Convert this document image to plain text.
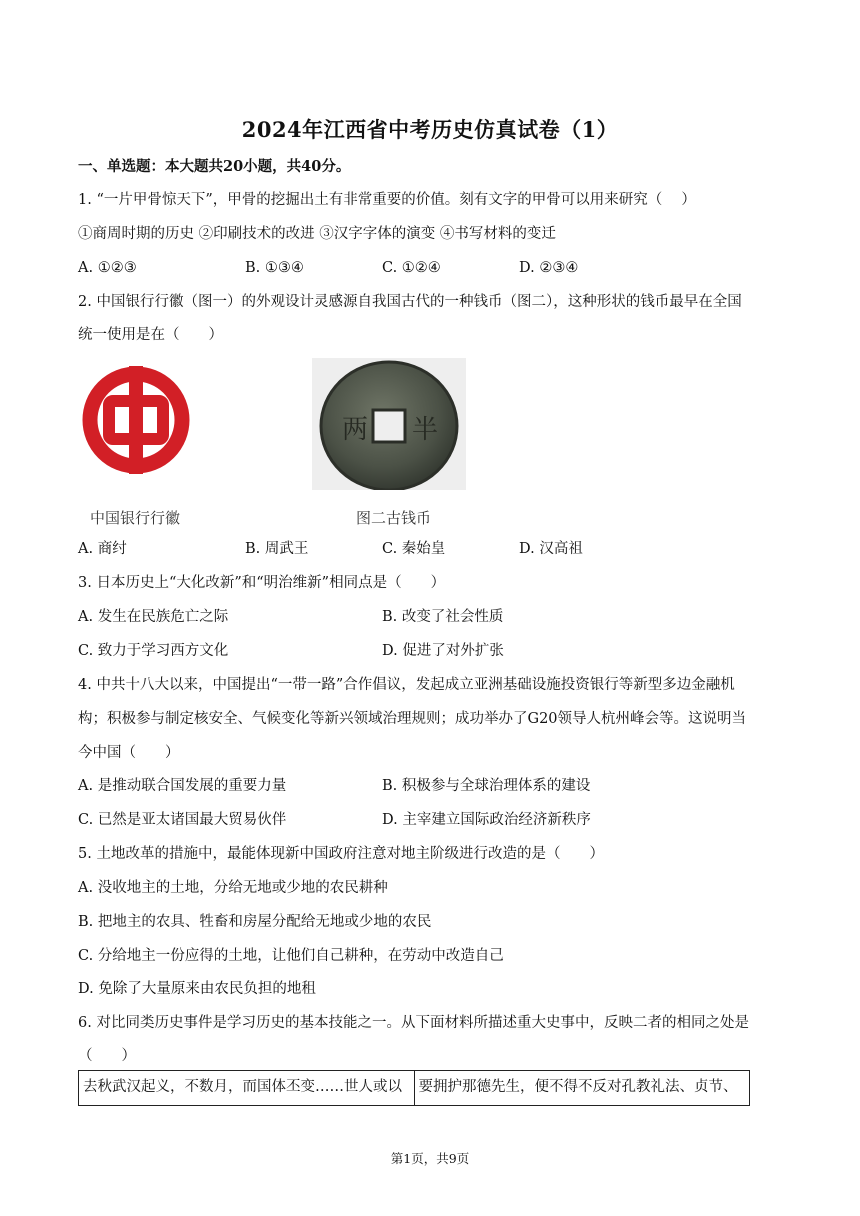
2024年江西省中考历史仿真试卷（1）
一、单选题：本大题共20小题，共40分。
1. “一片甲骨惊天下”，甲骨的挖掘出土有非常重要的价值。刻有文字的甲骨可以用来研究（　 ）
①商周时期的历史 ②印刷技术的改进 ③汉字字体的演变 ④书写材料的变迁
A. ①②③	B. ①③④	C. ①②④	D. ②③④
2. 中国银行行徽（图一）的外观设计灵感源自我国古代的一种钱币（图二），这种形状的钱币最早在全国
统一使用是在（　　）
两 半
中国银行行徽	图二古钱币
A. 商纣	B. 周武王	C. 秦始皇	D. 汉高祖
3. 日本历史上“大化改新”和“明治维新”相同点是（　　）
A. 发生在民族危亡之际	B. 改变了社会性质
C. 致力于学习西方文化	D. 促进了对外扩张
4. 中共十八大以来，中国提出“一带一路”合作倡议，发起成立亚洲基础设施投资银行等新型多边金融机
构；积极参与制定核安全、气候变化等新兴领域治理规则；成功举办了G20领导人杭州峰会等。这说明当
今中国（　　）
A. 是推动联合国发展的重要力量	B. 积极参与全球治理体系的建设
C. 已然是亚太诸国最大贸易伙伴	D. 主宰建立国际政治经济新秩序
5. 土地改革的措施中，最能体现新中国政府注意对地主阶级进行改造的是（　　）
A. 没收地主的土地，分给无地或少地的农民耕种
B. 把地主的农具、牲畜和房屋分配给无地或少地的农民
C. 分给地主一份应得的土地，让他们自己耕种，在劳动中改造自己
D. 免除了大量原来由农民负担的地租
6. 对比同类历史事件是学习历史的基本技能之一。从下面材料所描述重大史事中，反映二者的相同之处是
（　　）
去秋武汉起义，不数月，而国体丕变……世人或以	要拥护那德先生，便不得不反对孔教礼法、贞节、
第1页，共9页
